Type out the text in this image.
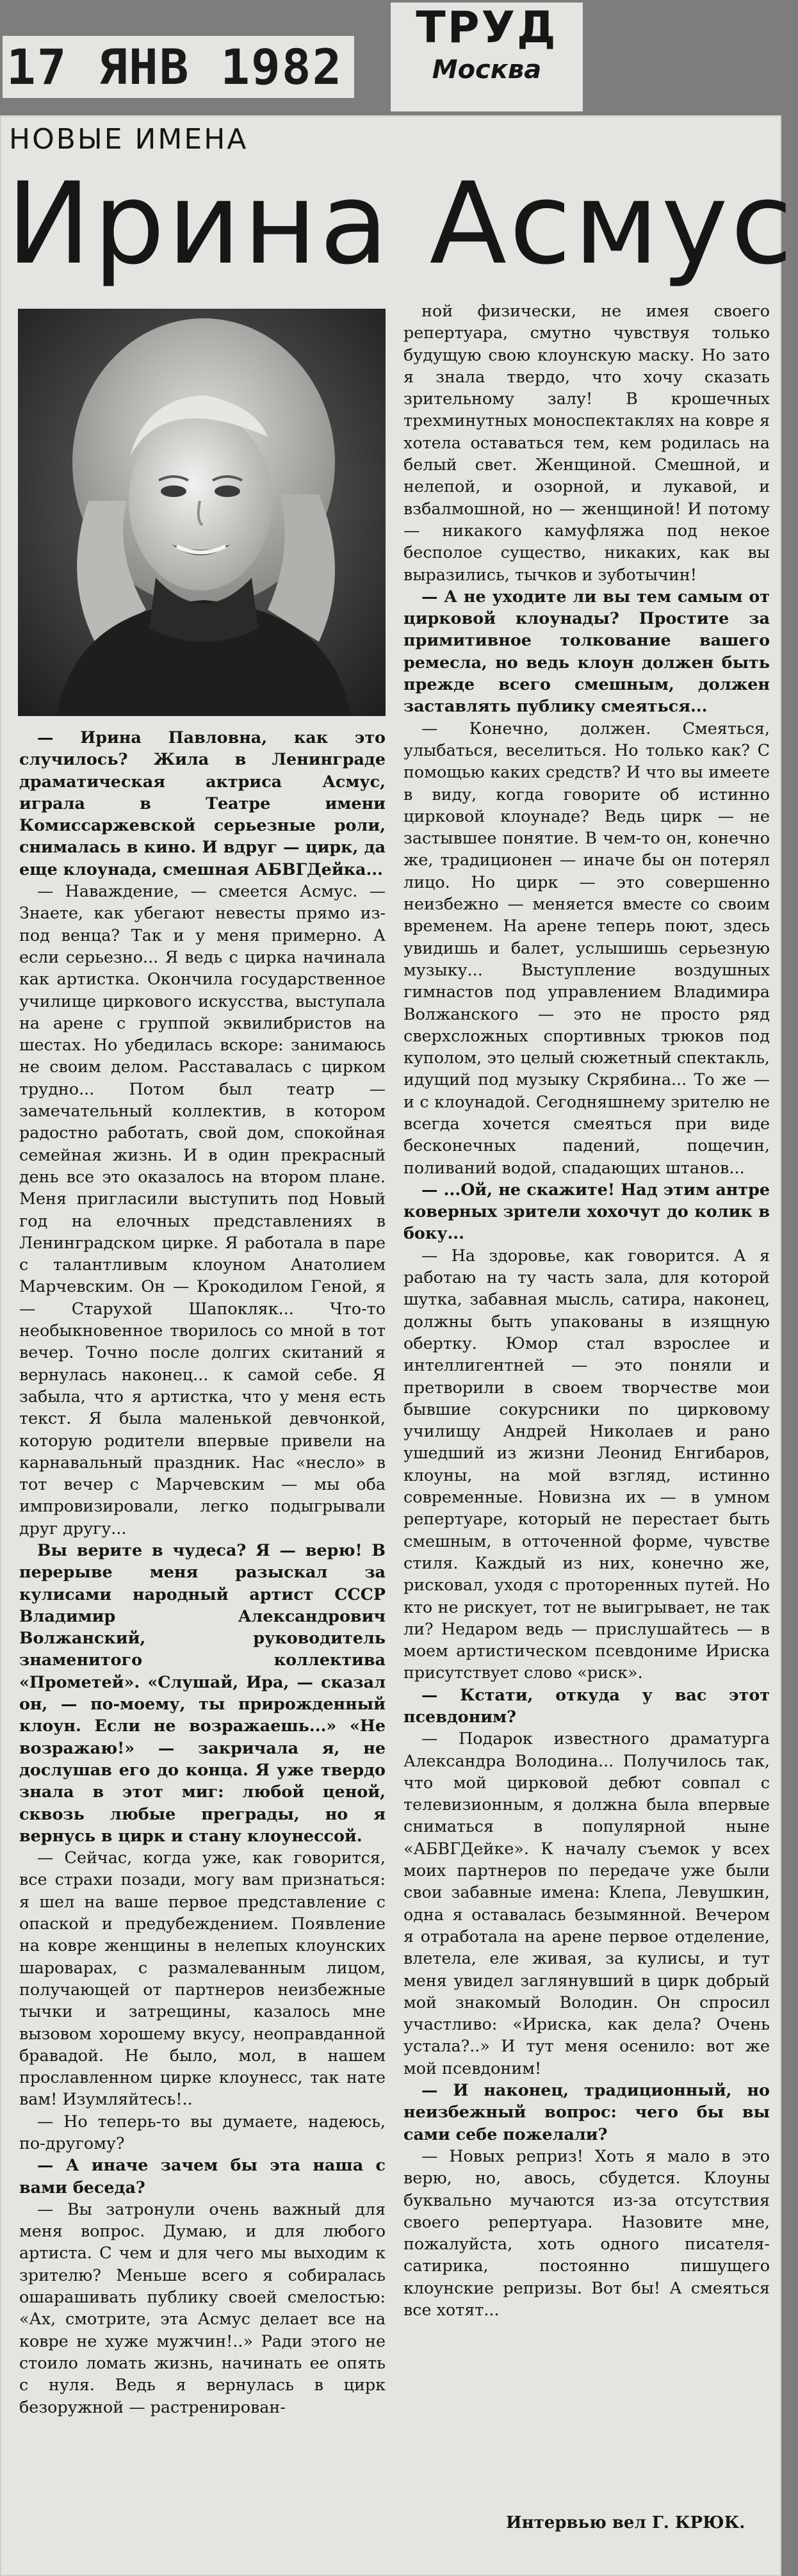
17 ЯНВ 1982
ТРУД
Москва
НОВЫЕ ИМЕНА
Ирина Асмус

— Ирина Павловна, как это случилось? Жила в Ленинграде драматическая актриса Асмус, играла в Театре имени Комиссаржевской серьезные роли, снималась в кино. И вдруг — цирк, да еще клоунада, смешная АБВГДейка...

— Наваждение, — смеется Асмус. — Знаете, как убегают невесты прямо из-под венца? Так и у меня примерно. А если серьезно... Я ведь с цирка начинала как артистка. Окончила государственное училище циркового искусства, выступала на арене с группой эквилибристов на шестах. Но убедилась вскоре: занимаюсь не своим делом. Расставалась с цирком трудно... Потом был театр — замечательный коллектив, в котором радостно работать, свой дом, спокойная семейная жизнь. И в один прекрасный день все это оказалось на втором плане. Меня пригласили выступить под Новый год на елочных представлениях в Ленинградском цирке. Я работала в паре с талантливым клоуном Анатолием Марчевским. Он — Крокодилом Геной, я — Старухой Шапокляк... Что-то необыкновенное творилось со мной в тот вечер. Точно после долгих скитаний я вернулась наконец... к самой себе. Я забыла, что я артистка, что у меня есть текст. Я была маленькой девчонкой, которую родители впервые привели на карнавальный праздник. Нас «несло» в тот вечер с Марчевским — мы оба импровизировали, легко подыгрывали друг другу...

Вы верите в чудеса? Я — верю! В перерыве меня разыскал за кулисами народный артист СССР Владимир Александрович Волжанский, руководитель знаменитого коллектива «Прометей». «Слушай, Ира, — сказал он, — по-моему, ты прирожденный клоун. Если не возражаешь...» «Не возражаю!» — закричала я, не дослушав его до конца. Я уже твердо знала в этот миг: любой ценой, сквозь любые преграды, но я вернусь в цирк и стану клоунессой.

— Сейчас, когда уже, как говорится, все страхи позади, могу вам признаться: я шел на ваше первое представление с опаской и предубеждением. Появление на ковре женщины в нелепых клоунских шароварах, с размалеванным лицом, получающей от партнеров неизбежные тычки и затрещины, казалось мне вызовом хорошему вкусу, неоправданной бравадой. Не было, мол, в нашем прославленном цирке клоунесс, так нате вам! Изумляйтесь!..

— Но теперь-то вы думаете, надеюсь, по-другому?

— А иначе зачем бы эта наша с вами беседа?

— Вы затронули очень важный для меня вопрос. Думаю, и для любого артиста. С чем и для чего мы выходим к зрителю? Меньше всего я собиралась ошарашивать публику своей смелостью: «Ах, смотрите, эта Асмус делает все на ковре не хуже мужчин!..» Ради этого не стоило ломать жизнь, начинать ее опять с нуля. Ведь я вернулась в цирк безоружной — растренирован-

ной физически, не имея своего репертуара, смутно чувствуя только будущую свою клоунскую маску. Но зато я знала твердо, что хочу сказать зрительному залу! В крошечных трехминутных моноспектаклях на ковре я хотела оставаться тем, кем родилась на белый свет. Женщиной. Смешной, и нелепой, и озорной, и лукавой, и взбалмошной, но — женщиной! И потому — никакого камуфляжа под некое бесполое существо, никаких, как вы выразились, тычков и зуботычин!

— А не уходите ли вы тем самым от цирковой клоунады? Простите за примитивное толкование вашего ремесла, но ведь клоун должен быть прежде всего смешным, должен заставлять публику смеяться...

— Конечно, должен. Смеяться, улыбаться, веселиться. Но только как? С помощью каких средств? И что вы имеете в виду, когда говорите об истинно цирковой клоунаде? Ведь цирк — не застывшее понятие. В чем-то он, конечно же, традиционен — иначе бы он потерял лицо. Но цирк — это совершенно неизбежно — меняется вместе со своим временем. На арене теперь поют, здесь увидишь и балет, услышишь серьезную музыку... Выступление воздушных гимнастов под управлением Владимира Волжанского — это не просто ряд сверхсложных спортивных трюков под куполом, это целый сюжетный спектакль, идущий под музыку Скрябина... То же — и с клоунадой. Сегодняшнему зрителю не всегда хочется смеяться при виде бесконечных падений, пощечин, поливаний водой, спадающих штанов...

— ...Ой, не скажите! Над этим антре коверных зрители хохочут до колик в боку...

— На здоровье, как говорится. А я работаю на ту часть зала, для которой шутка, забавная мысль, сатира, наконец, должны быть упакованы в изящную обертку. Юмор стал взрослее и интеллигентней — это поняли и претворили в своем творчестве мои бывшие сокурсники по цирковому училищу Андрей Николаев и рано ушедший из жизни Леонид Енгибаров, клоуны, на мой взгляд, истинно современные. Новизна их — в умном репертуаре, который не перестает быть смешным, в отточенной форме, чувстве стиля. Каждый из них, конечно же, рисковал, уходя с проторенных путей. Но кто не рискует, тот не выигрывает, не так ли? Недаром ведь — прислушайтесь — в моем артистическом псевдониме Ириска присутствует слово «риск».

— Кстати, откуда у вас этот псевдоним?

— Подарок известного драматурга Александра Володина... Получилось так, что мой цирковой дебют совпал с телевизионным, я должна была впервые сниматься в популярной ныне «АБВГДейке». К началу съемок у всех моих партнеров по передаче уже были свои забавные имена: Клепа, Левушкин, одна я оставалась безымянной. Вечером я отработала на арене первое отделение, влетела, еле живая, за кулисы, и тут меня увидел заглянувший в цирк добрый мой знакомый Володин. Он спросил участливо: «Ириска, как дела? Очень устала?..» И тут меня осенило: вот же мой псевдоним!

— И наконец, традиционный, но неизбежный вопрос: чего бы вы сами себе пожелали?

— Новых реприз! Хоть я мало в это верю, но, авось, сбудется. Клоуны буквально мучаются из-за отсутствия своего репертуара. Назовите мне, пожалуйста, хоть одного писателя-сатирика, постоянно пишущего клоунские репризы. Вот бы! А смеяться все хотят...

Интервью вел Г. КРЮК.
